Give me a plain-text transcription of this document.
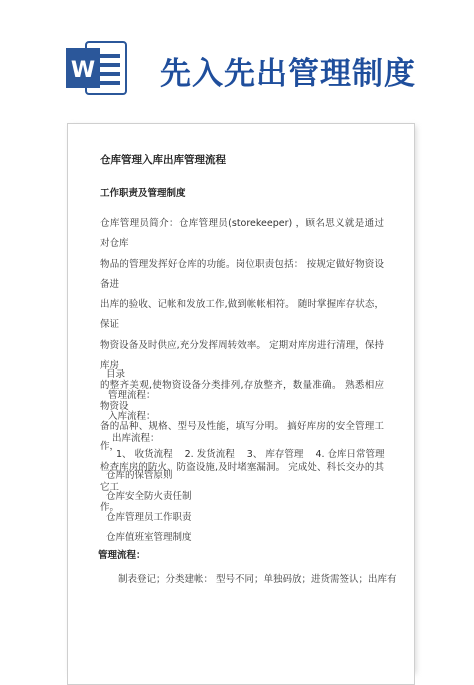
W 先入先出管理制度
仓库管理入库出库管理流程
工作职责及管理制度
仓库管理员简介：仓库管理员(storekeeper) ，顾名思义就是通过对仓库
物品的管理发挥好仓库的功能。岗位职责包括： 按规定做好物资设备进
出库的验收、记帐和发放工作,做到帐帐相符。 随时掌握库存状态，保证
物资设备及时供应,充分发挥周转效率。 定期对库房进行清理，保持库房
的整齐美观,使物资设备分类排列,存放整齐，数量准确。 熟悉相应物资设
备的品种、规格、型号及性能，填写分明。 搞好库房的安全管理工作，
检查库房的防火、防盗设施,及时堵塞漏洞。 完成处、科长交办的其它工
作。
目录
管理流程：
入库流程：
出库流程：
1、 收货流程 2. 发货流程 3、 库存管理 4. 仓库日常管理
仓库的保管原则
仓库安全防火责任制
仓库管理员工作职责
仓库值班室管理制度
管理流程：
制表登记；分类建帐： 型号不同；单独码放；进货需签认；出库有
